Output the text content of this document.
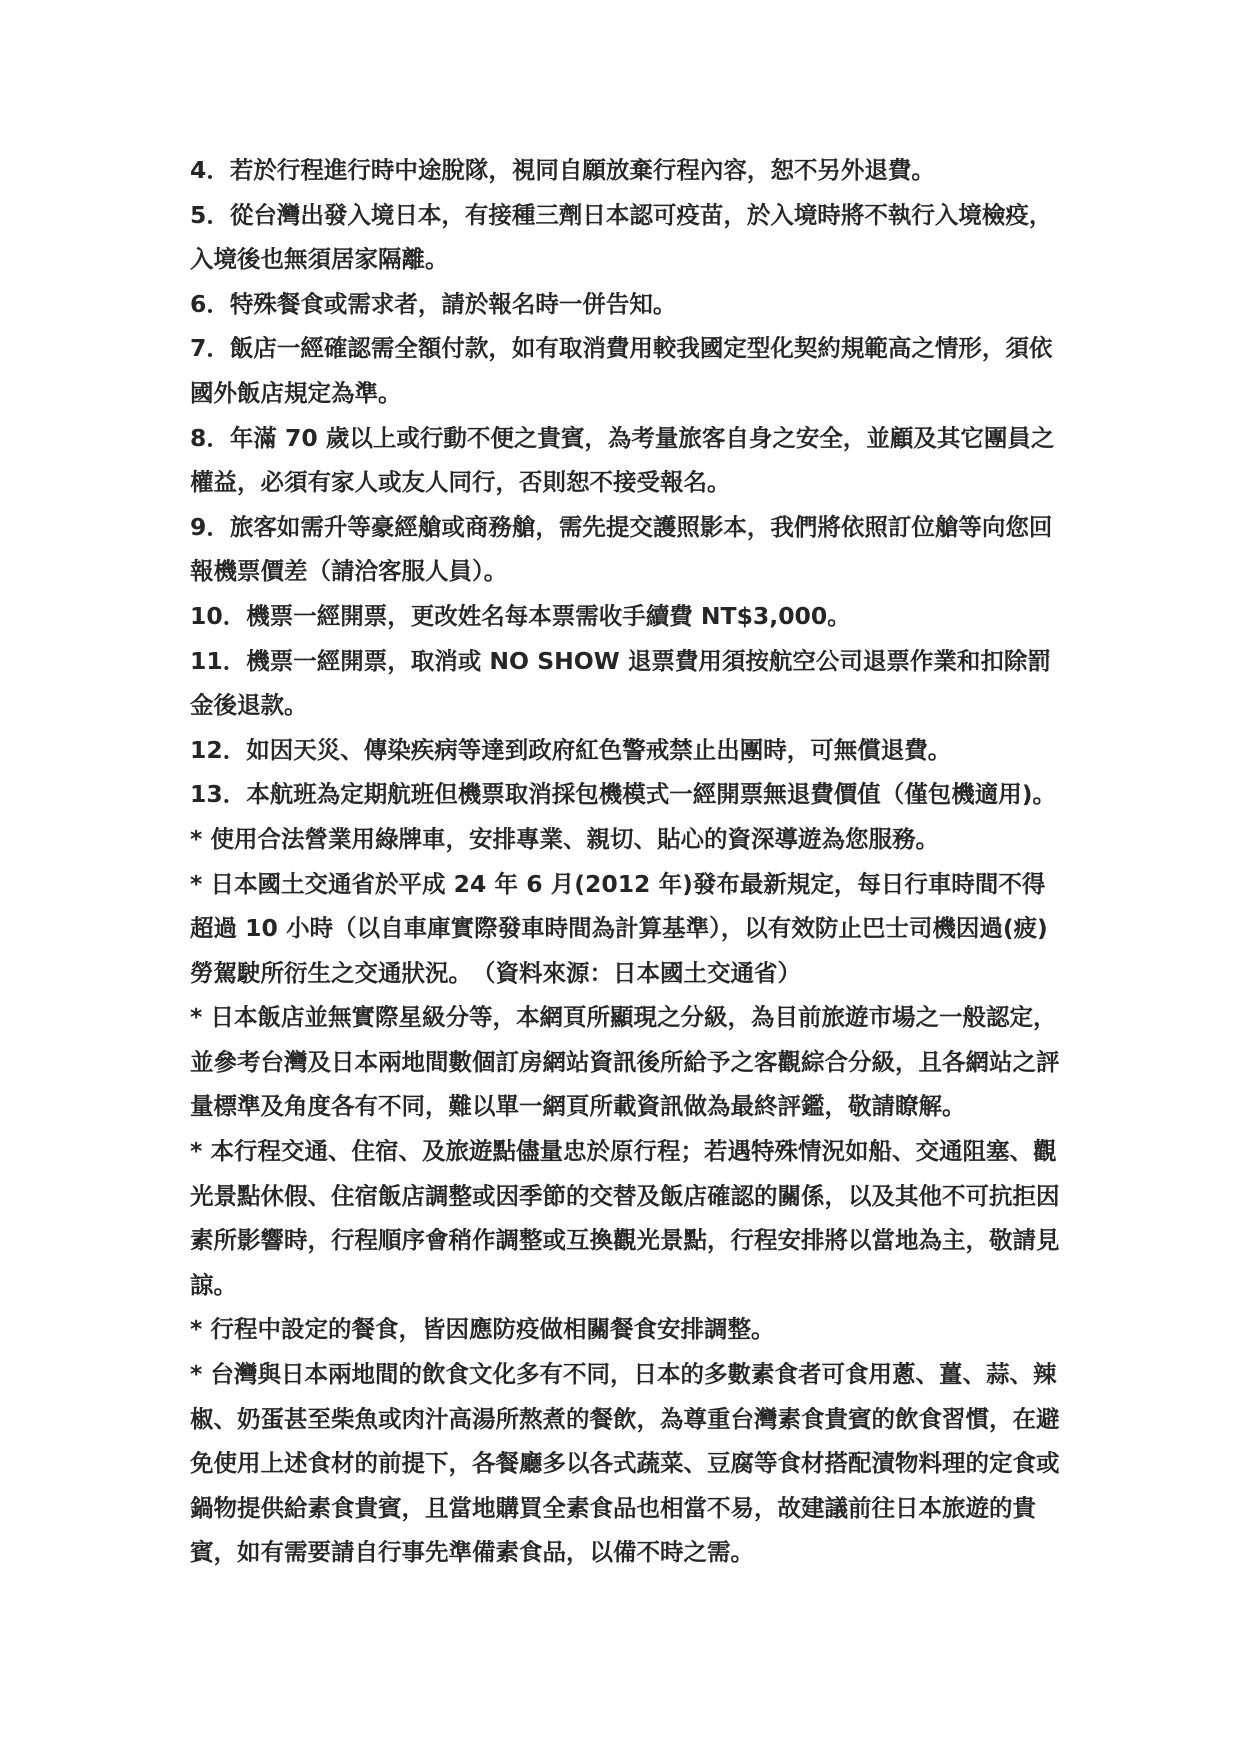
4．若於行程進行時中途脫隊，視同自願放棄行程內容，恕不另外退費。

5．從台灣出發入境日本，有接種三劑日本認可疫苗，於入境時將不執行入境檢疫，入境後也無須居家隔離。

6．特殊餐食或需求者，請於報名時一併告知。

7．飯店一經確認需全額付款，如有取消費用較我國定型化契約規範高之情形，須依國外飯店規定為準。

8．年滿 70 歲以上或行動不便之貴賓，為考量旅客自身之安全，並顧及其它團員之權益，必須有家人或友人同行，否則恕不接受報名。

9．旅客如需升等豪經艙或商務艙，需先提交護照影本，我們將依照訂位艙等向您回報機票價差（請洽客服人員）。

10．機票一經開票，更改姓名每本票需收手續費 NT$3,000。

11．機票一經開票，取消或 NO SHOW 退票費用須按航空公司退票作業和扣除罰金後退款。

12．如因天災、傳染疾病等達到政府紅色警戒禁止出團時，可無償退費。

13．本航班為定期航班但機票取消採包機模式一經開票無退費價值（僅包機適用)。

* 使用合法營業用綠牌車，安排專業、親切、貼心的資深導遊為您服務。

* 日本國土交通省於平成 24 年 6 月(2012 年)發布最新規定，每日行車時間不得超過 10 小時（以自車庫實際發車時間為計算基準），以有效防止巴士司機因過(疲)勞駕駛所衍生之交通狀況。　（資料來源：日本國土交通省）

* 日本飯店並無實際星級分等，本網頁所顯現之分級，為目前旅遊市場之一般認定，並參考台灣及日本兩地間數個訂房網站資訊後所給予之客觀綜合分級，且各網站之評量標準及角度各有不同，難以單一網頁所載資訊做為最終評鑑，敬請瞭解。

* 本行程交通、住宿、及旅遊點儘量忠於原行程；若遇特殊情況如船、交通阻塞、觀光景點休假、住宿飯店調整或因季節的交替及飯店確認的關係，以及其他不可抗拒因素所影響時，行程順序會稍作調整或互換觀光景點，行程安排將以當地為主，敬請見諒。

* 行程中設定的餐食，皆因應防疫做相關餐食安排調整。

* 台灣與日本兩地間的飲食文化多有不同，日本的多數素食者可食用蔥、薑、蒜、辣椒、奶蛋甚至柴魚或肉汁高湯所熬煮的餐飲，為尊重台灣素食貴賓的飲食習慣，在避免使用上述食材的前提下，各餐廳多以各式蔬菜、豆腐等食材搭配漬物料理的定食或鍋物提供給素食貴賓，且當地購買全素食品也相當不易，故建議前往日本旅遊的貴賓，如有需要請自行事先準備素食品，以備不時之需。
